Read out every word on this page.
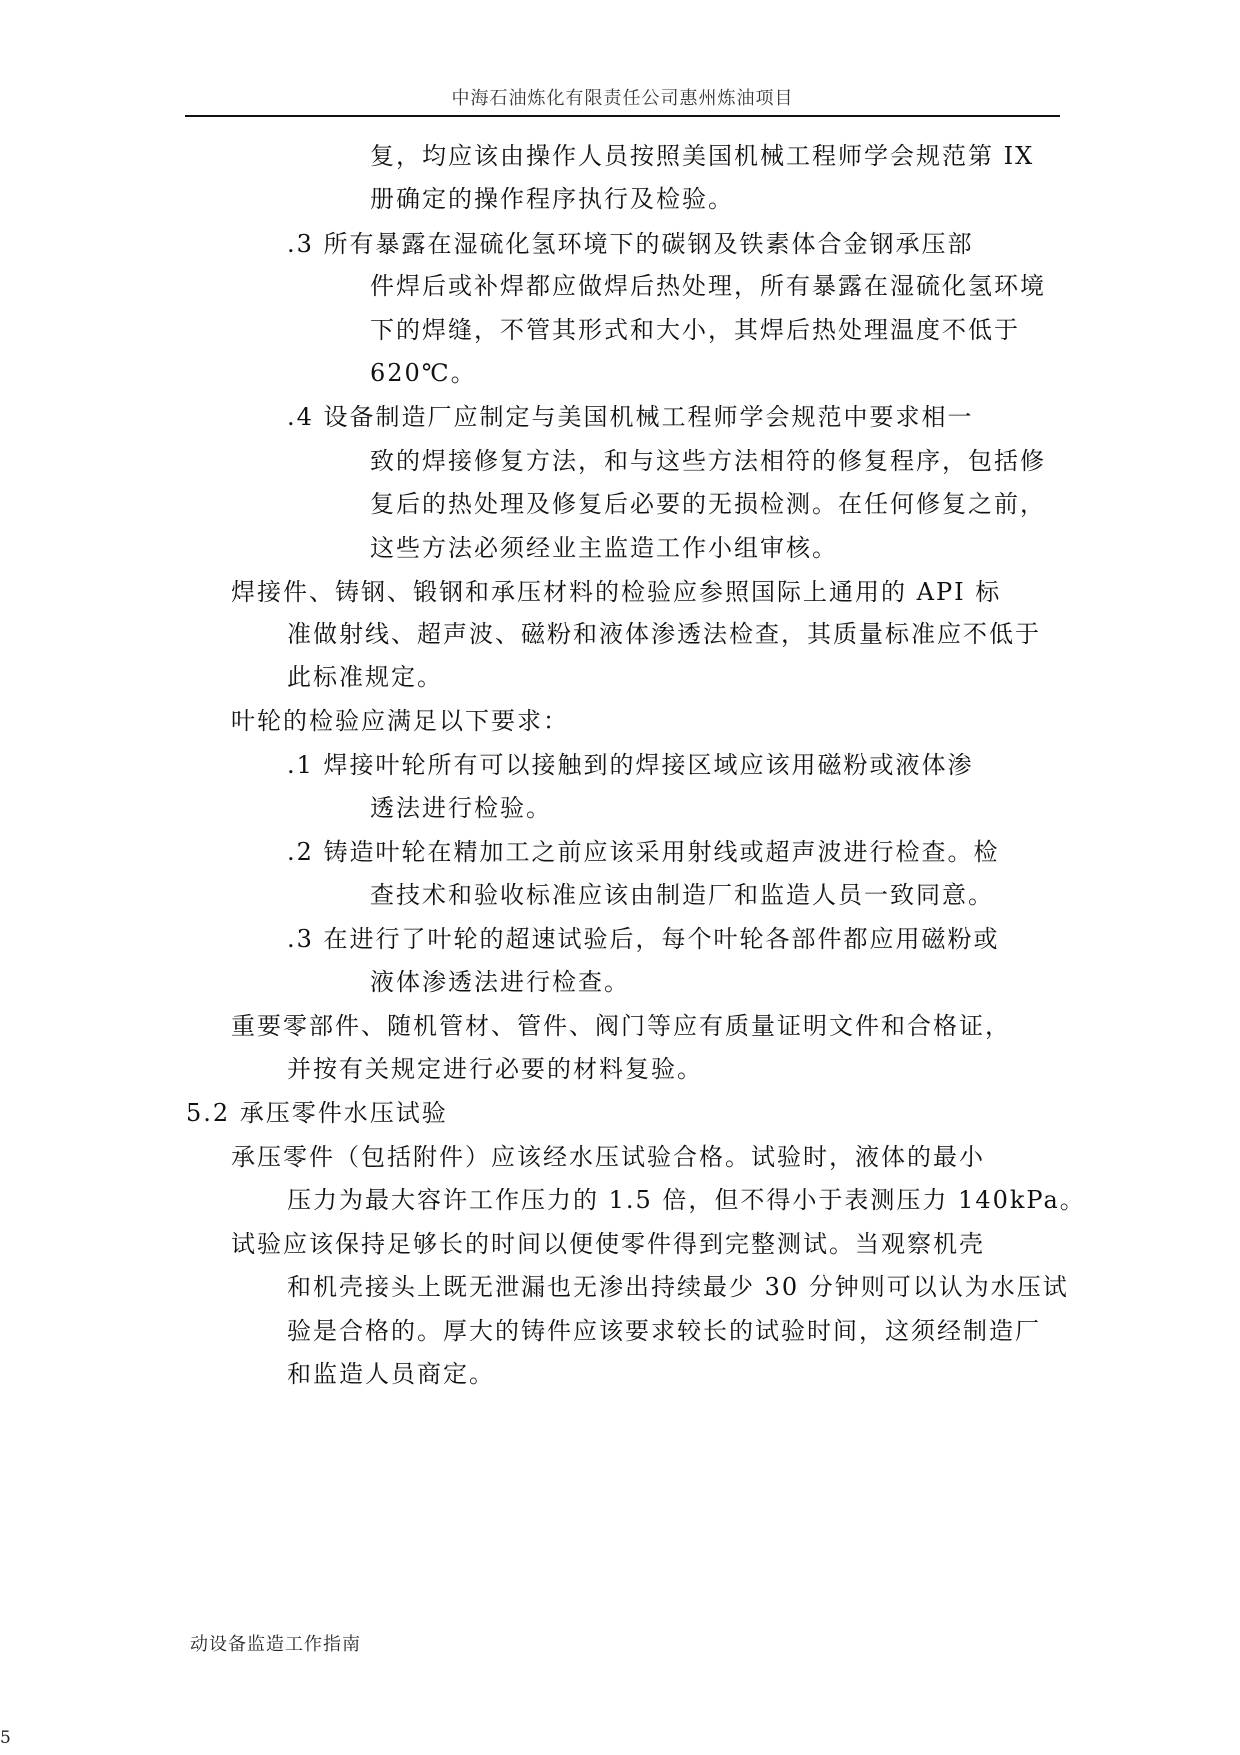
中海石油炼化有限责任公司惠州炼油项目
复，均应该由操作人员按照美国机械工程师学会规范第 IX
册确定的操作程序执行及检验。
.3 所有暴露在湿硫化氢环境下的碳钢及铁素体合金钢承压部
件焊后或补焊都应做焊后热处理，所有暴露在湿硫化氢环境
下的焊缝，不管其形式和大小，其焊后热处理温度不低于
620℃。
.4 设备制造厂应制定与美国机械工程师学会规范中要求相一
致的焊接修复方法，和与这些方法相符的修复程序，包括修
复后的热处理及修复后必要的无损检测。在任何修复之前，
这些方法必须经业主监造工作小组审核。
焊接件、铸钢、锻钢和承压材料的检验应参照国际上通用的 API 标
准做射线、超声波、磁粉和液体渗透法检查，其质量标准应不低于
此标准规定。
叶轮的检验应满足以下要求：
.1 焊接叶轮所有可以接触到的焊接区域应该用磁粉或液体渗
透法进行检验。
.2 铸造叶轮在精加工之前应该采用射线或超声波进行检查。检
查技术和验收标准应该由制造厂和监造人员一致同意。
.3 在进行了叶轮的超速试验后，每个叶轮各部件都应用磁粉或
液体渗透法进行检查。
重要零部件、随机管材、管件、阀门等应有质量证明文件和合格证，
并按有关规定进行必要的材料复验。
5.2 承压零件水压试验
承压零件（包括附件）应该经水压试验合格。试验时，液体的最小
压力为最大容许工作压力的 1.5 倍，但不得小于表测压力 140kPa。
试验应该保持足够长的时间以便使零件得到完整测试。当观察机壳
和机壳接头上既无泄漏也无渗出持续最少 30 分钟则可以认为水压试
验是合格的。厚大的铸件应该要求较长的试验时间，这须经制造厂
和监造人员商定。
动设备监造工作指南
5
